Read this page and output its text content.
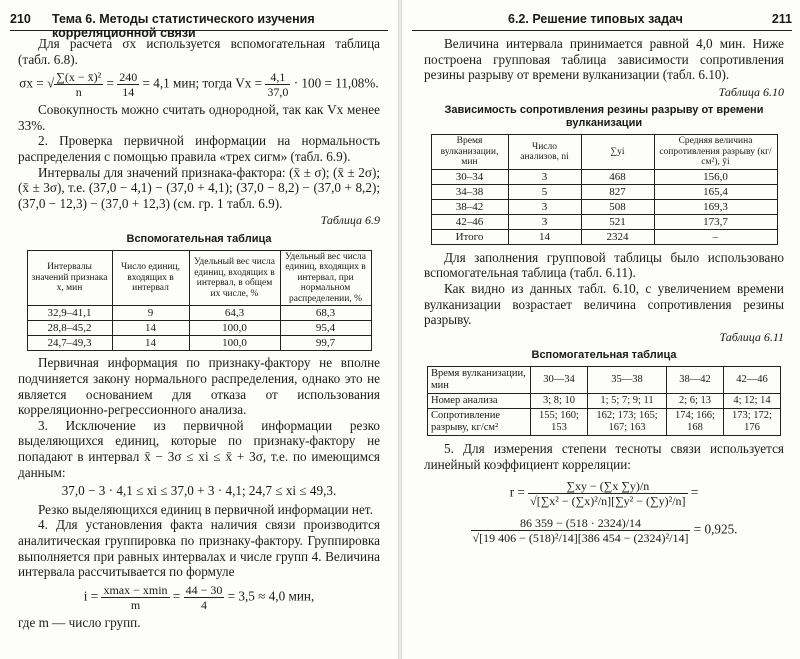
210 Тема 6. Методы статистического изучения корреляционной связи

Для расчета σx используется вспомогательная таблица (табл. 6.8).

σx = √ $\frac{\text{∑(x − x̄)²}}{n} = \frac{240}{14} = 4,1$ мин; тогда $Vx = \frac{4,1}{37,0} \cdot 100 = 11,08\%$.

Совокупность можно считать однородной, так как Vx менее 33%.

2. Проверка первичной информации на нормальность распределения с помощью правила «трех сигм» (табл. 6.9).

Интервалы для значений признака-фактора: (x̄ ± σ); (x̄ ± 2σ); (x̄ ± 3σ), т.е. (37,0 − 4,1) − (37,0 + 4,1); (37,0 − 8,2) − (37,0 + 8,2); (37,0 − 12,3) − (37,0 + 12,3) (см. гр. 1 табл. 6.9).

Таблица 6.9
Вспомогательная таблица
Интервалы значений признака x, мин	Число единиц, входящих в интервал	Удельный вес числа единиц, входящих в интервал, в общем их числе, %	Удельный вес числа единиц, входящих в интервал, при нормальном распределении, %
32,9–41,1	9	64,3	68,3
28,8–45,2	14	100,0	95,4
24,7–49,3	14	100,0	99,7

Первичная информация по признаку-фактору не вполне подчиняется закону нормального распределения, однако это не является основанием для отказа от использования корреляционно-регрессионного анализа.

3. Исключение из первичной информации резко выделяющихся единиц, которые по признаку-фактору не попадают в интервал x̄ − 3σ ≤ xi ≤ x̄ + 3σ, т.е. по имеющимся данным:

37,0 − 3 · 4,1 ≤ xi ≤ 37,0 + 3 · 4,1; 24,7 ≤ xi ≤ 49,3.

Резко выделяющихся единиц в первичной информации нет.

4. Для установления факта наличия связи производится аналитическая группировка по признаку-фактору. Группировка выполняется при равных интервалах и числе групп 4. Величина интервала рассчитывается по формуле

$i = \frac{xmax - xmin}{m} = \frac{44 - 30}{4} = 3,5 \approx 4,0$ мин,

где m — число групп.

6.2. Решение типовых задач	211

Величина интервала принимается равной 4,0 мин. Ниже построена групповая таблица зависимости сопротивления резины разрыву от времени вулканизации (табл. 6.10).

Таблица 6.10
Зависимость сопротивления резины разрыву от времени вулканизации
Время вулканизации, мин	Число анализов, ni	∑yi	Средняя величина сопротивления разрыву (кг/см²), ȳi
30–34	3	468	156,0
34–38	5	827	165,4
38–42	3	508	169,3
42–46	3	521	173,7
Итого	14	2324	–

Для заполнения групповой таблицы было использовано вспомогательная таблица (табл. 6.11).

Как видно из данных табл. 6.10, с увеличением времени вулканизации возрастает величина сопротивления резины разрыву.

Таблица 6.11
Вспомогательная таблица
Время вулканизации, мин	30—34	35—38	38—42	42—46
Номер анализа	3; 8; 10	1; 5; 7; 9; 11	2; 6; 13	4; 12; 14
Сопротивление разрыву, кг/см²	155; 160; 153	162; 173; 165; 167; 163	174; 166; 168	173; 172; 176

5. Для измерения степени тесноты связи используется линейный коэффициент корреляции:

$r = \frac{\sum xy - (\sum x \sum y)/n}{\text{√[∑x² − (∑x)²/n][∑y² − (∑y)²/n]}}$ =
$\frac{86 359 - (518 \cdot 2324)/14}{\text{√[19 406 − (518)²/14][386 454 − (2324)²/14]}} = 0,925$.
